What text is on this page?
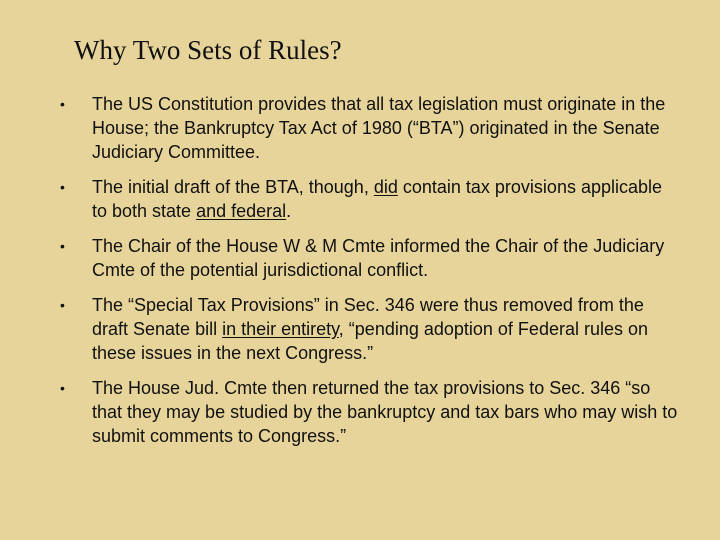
Why Two Sets of Rules?
• The US Constitution provides that all tax legislation must originate in the House; the Bankruptcy Tax Act of 1980 (“BTA”) originated in the Senate Judiciary Committee.
• The initial draft of the BTA, though, did contain tax provisions applicable to both state and federal.
• The Chair of the House W & M Cmte informed the Chair of the Judiciary Cmte of the potential jurisdictional conflict.
• The “Special Tax Provisions” in Sec. 346 were thus removed from the draft Senate bill in their entirety, “pending adoption of Federal rules on these issues in the next Congress.”
• The House Jud. Cmte then returned the tax provisions to Sec. 346 “so that they may be studied by the bankruptcy and tax bars who may wish to submit comments to Congress.”
